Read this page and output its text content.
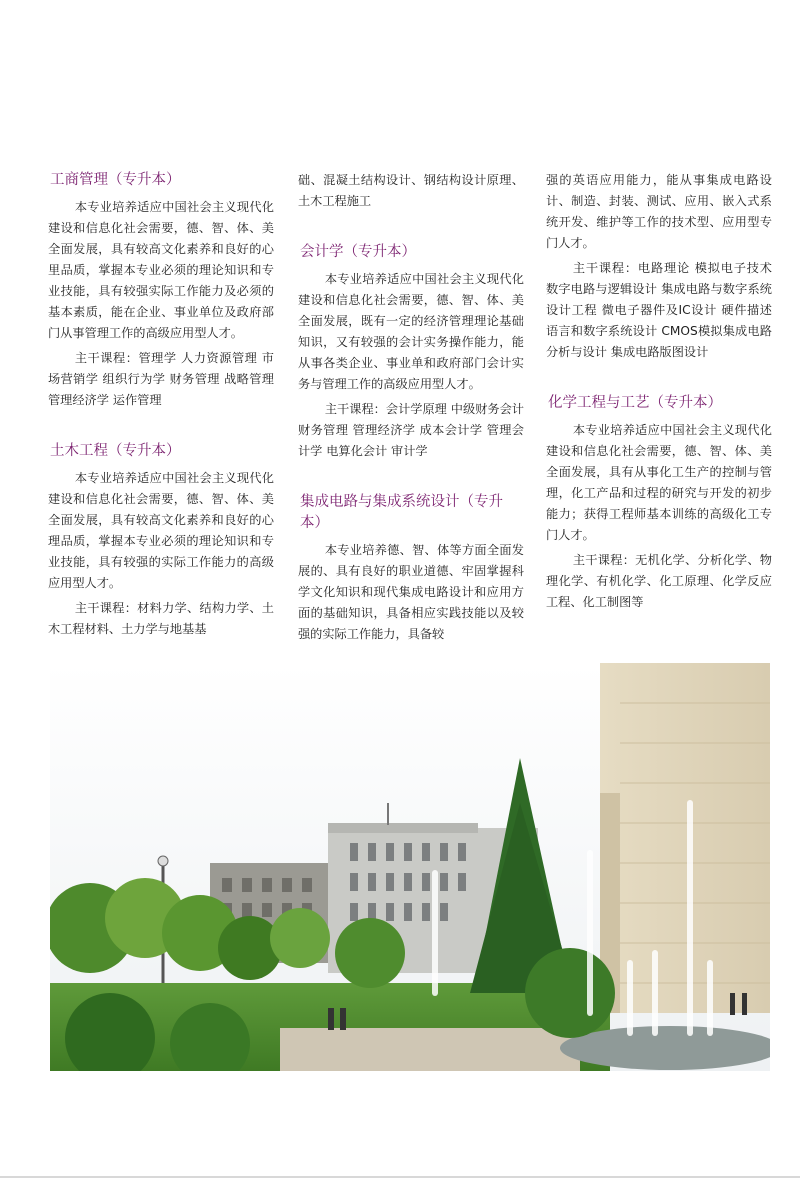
工商管理（专升本）

本专业培养适应中国社会主义现代化建设和信息化社会需要，德、智、体、美全面发展，具有较高文化素养和良好的心里品质，掌握本专业必须的理论知识和专业技能，具有较强实际工作能力及必须的基本素质，能在企业、事业单位及政府部门从事管理工作的高级应用型人才。

主干课程：管理学 人力资源管理 市场营销学 组织行为学 财务管理 战略管理 管理经济学 运作管理

土木工程（专升本）

本专业培养适应中国社会主义现代化建设和信息化社会需要，德、智、体、美全面发展，具有较高文化素养和良好的心理品质，掌握本专业必须的理论知识和专业技能，具有较强的实际工作能力的高级应用型人才。

主干课程：材料力学、结构力学、土木工程材料、土力学与地基基

础、混凝土结构设计、钢结构设计原理、土木工程施工

会计学（专升本）

本专业培养适应中国社会主义现代化建设和信息化社会需要，德、智、体、美全面发展，既有一定的经济管理理论基础知识，又有较强的会计实务操作能力，能从事各类企业、事业单和政府部门会计实务与管理工作的高级应用型人才。

主干课程：会计学原理 中级财务会计 财务管理 管理经济学 成本会计学 管理会计学 电算化会计 审计学

集成电路与集成系统设计（专升本）

本专业培养德、智、体等方面全面发展的、具有良好的职业道德、牢固掌握科学文化知识和现代集成电路设计和应用方面的基础知识，具备相应实践技能以及较强的实际工作能力，具备较

强的英语应用能力，能从事集成电路设计、制造、封装、测试、应用、嵌入式系统开发、维护等工作的技术型、应用型专门人才。

主干课程：电路理论 模拟电子技术 数字电路与逻辑设计 集成电路与数字系统设计工程 微电子器件及IC设计 硬件描述语言和数字系统设计 CMOS模拟集成电路分析与设计 集成电路版图设计

化学工程与工艺（专升本）

本专业培养适应中国社会主义现代化建设和信息化社会需要，德、智、体、美全面发展，具有从事化工生产的控制与管理，化工产品和过程的研究与开发的初步能力；获得工程师基本训练的高级化工专门人才。

主干课程：无机化学、分析化学、物理化学、有机化学、化工原理、化学反应工程、化工制图等
